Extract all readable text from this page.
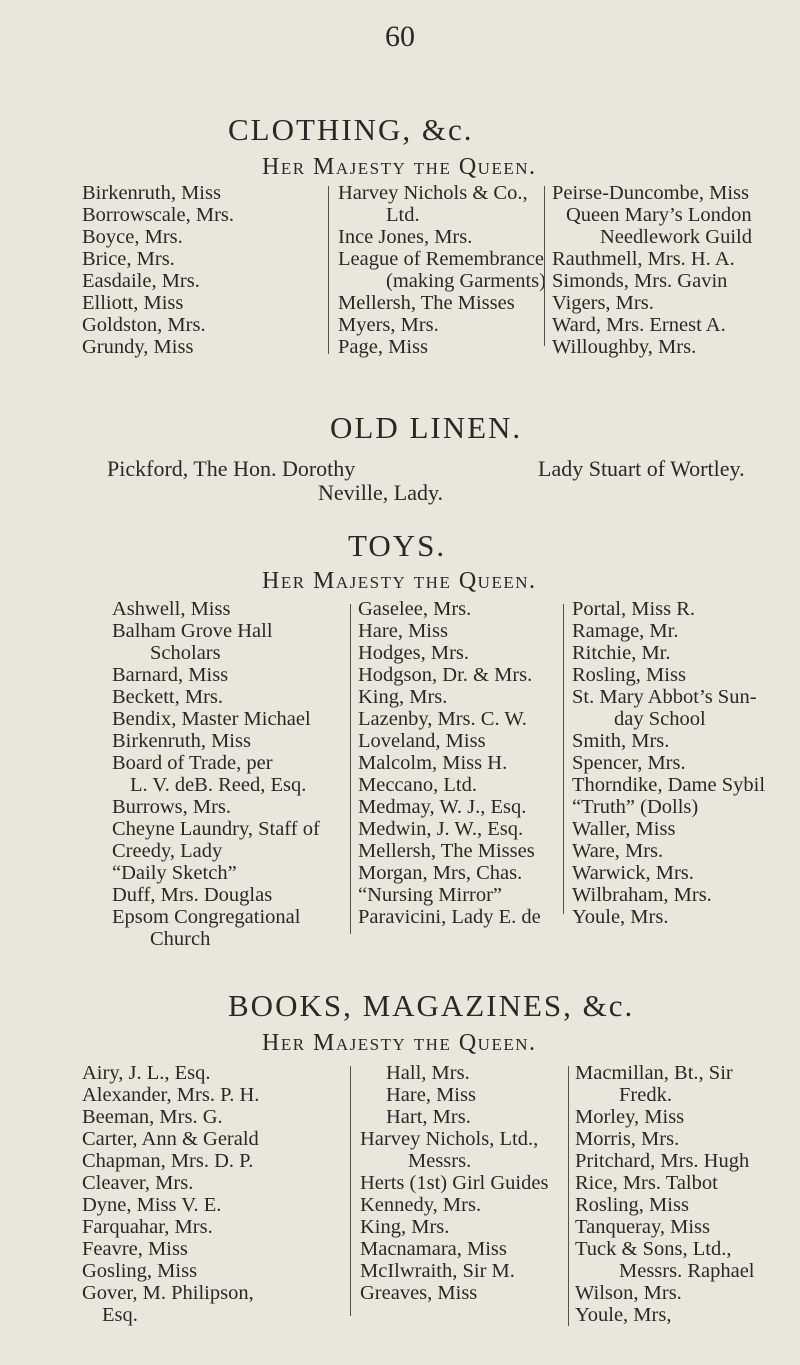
60
CLOTHING, &c.
Her Majesty the Queen.
Birkenruth, Miss
Borrowscale, Mrs.
Boyce, Mrs.
Brice, Mrs.
Easdaile, Mrs.
Elliott, Miss
Goldston, Mrs.
Grundy, Miss
Harvey Nichols & Co.,
Ltd.
Ince Jones, Mrs.
League of Remembrance
(making Garments)
Mellersh, The Misses
Myers, Mrs.
Page, Miss
Peirse-Duncombe, Miss
Queen Mary’s London
Needlework Guild
Rauthmell, Mrs. H. A.
Simonds, Mrs. Gavin
Vigers, Mrs.
Ward, Mrs. Ernest A.
Willoughby, Mrs.
OLD LINEN.
Pickford, The Hon. Dorothy	Lady Stuart of Wortley.
Neville, Lady.
TOYS.
Her Majesty the Queen.
Ashwell, Miss
Balham Grove Hall
Scholars
Barnard, Miss
Beckett, Mrs.
Bendix, Master Michael
Birkenruth, Miss
Board of Trade, per
L. V. deB. Reed, Esq.
Burrows, Mrs.
Cheyne Laundry, Staff of
Creedy, Lady
“Daily Sketch”
Duff, Mrs. Douglas
Epsom Congregational
Church
Gaselee, Mrs.
Hare, Miss
Hodges, Mrs.
Hodgson, Dr. & Mrs.
King, Mrs.
Lazenby, Mrs. C. W.
Loveland, Miss
Malcolm, Miss H.
Meccano, Ltd.
Medmay, W. J., Esq.
Medwin, J. W., Esq.
Mellersh, The Misses
Morgan, Mrs, Chas.
“Nursing Mirror”
Paravicini, Lady E. de
Portal, Miss R.
Ramage, Mr.
Ritchie, Mr.
Rosling, Miss
St. Mary Abbot’s Sun-
day School
Smith, Mrs.
Spencer, Mrs.
Thorndike, Dame Sybil
“Truth” (Dolls)
Waller, Miss
Ware, Mrs.
Warwick, Mrs.
Wilbraham, Mrs.
Youle, Mrs.
BOOKS, MAGAZINES, &c.
Her Majesty the Queen.
Airy, J. L., Esq.
Alexander, Mrs. P. H.
Beeman, Mrs. G.
Carter, Ann & Gerald
Chapman, Mrs. D. P.
Cleaver, Mrs.
Dyne, Miss V. E.
Farquahar, Mrs.
Feavre, Miss
Gosling, Miss
Gover, M. Philipson,
Esq.
Hall, Mrs.
Hare, Miss
Hart, Mrs.
Harvey Nichols, Ltd.,
Messrs.
Herts (1st) Girl Guides
Kennedy, Mrs.
King, Mrs.
Macnamara, Miss
McIlwraith, Sir M.
Greaves, Miss
Macmillan, Bt., Sir
Fredk.
Morley, Miss
Morris, Mrs.
Pritchard, Mrs. Hugh
Rice, Mrs. Talbot
Rosling, Miss
Tanqueray, Miss
Tuck & Sons, Ltd.,
Messrs. Raphael
Wilson, Mrs.
Youle, Mrs,
